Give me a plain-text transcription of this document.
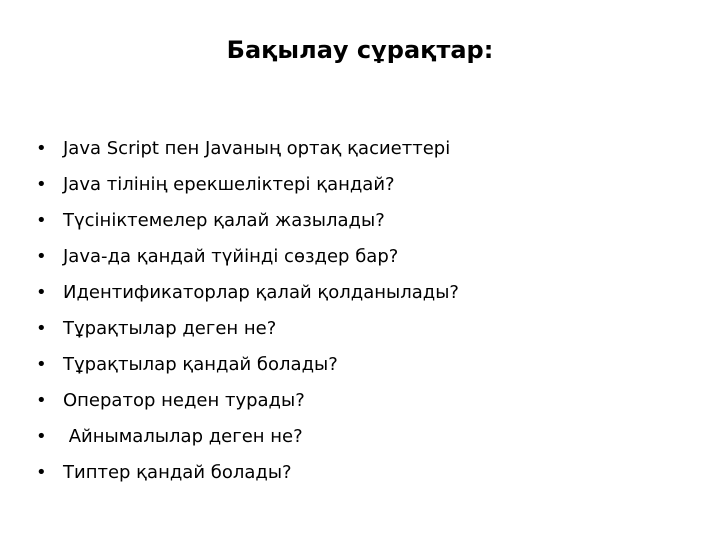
Бақылау сұрақтар:
• Java Script пен Javaның ортақ қасиеттері
• Java тілінің ерекшеліктері қандай?
• Түсініктемелер қалай жазылады?
• Java-да қандай түйінді сөздер бар?
• Идентификаторлар қалай қолданылады?
• Тұрақтылар деген не?
• Тұрақтылар қандай болады?
• Оператор неден турады?
• Айнымалылар деген не?
• Типтер қандай болады?
